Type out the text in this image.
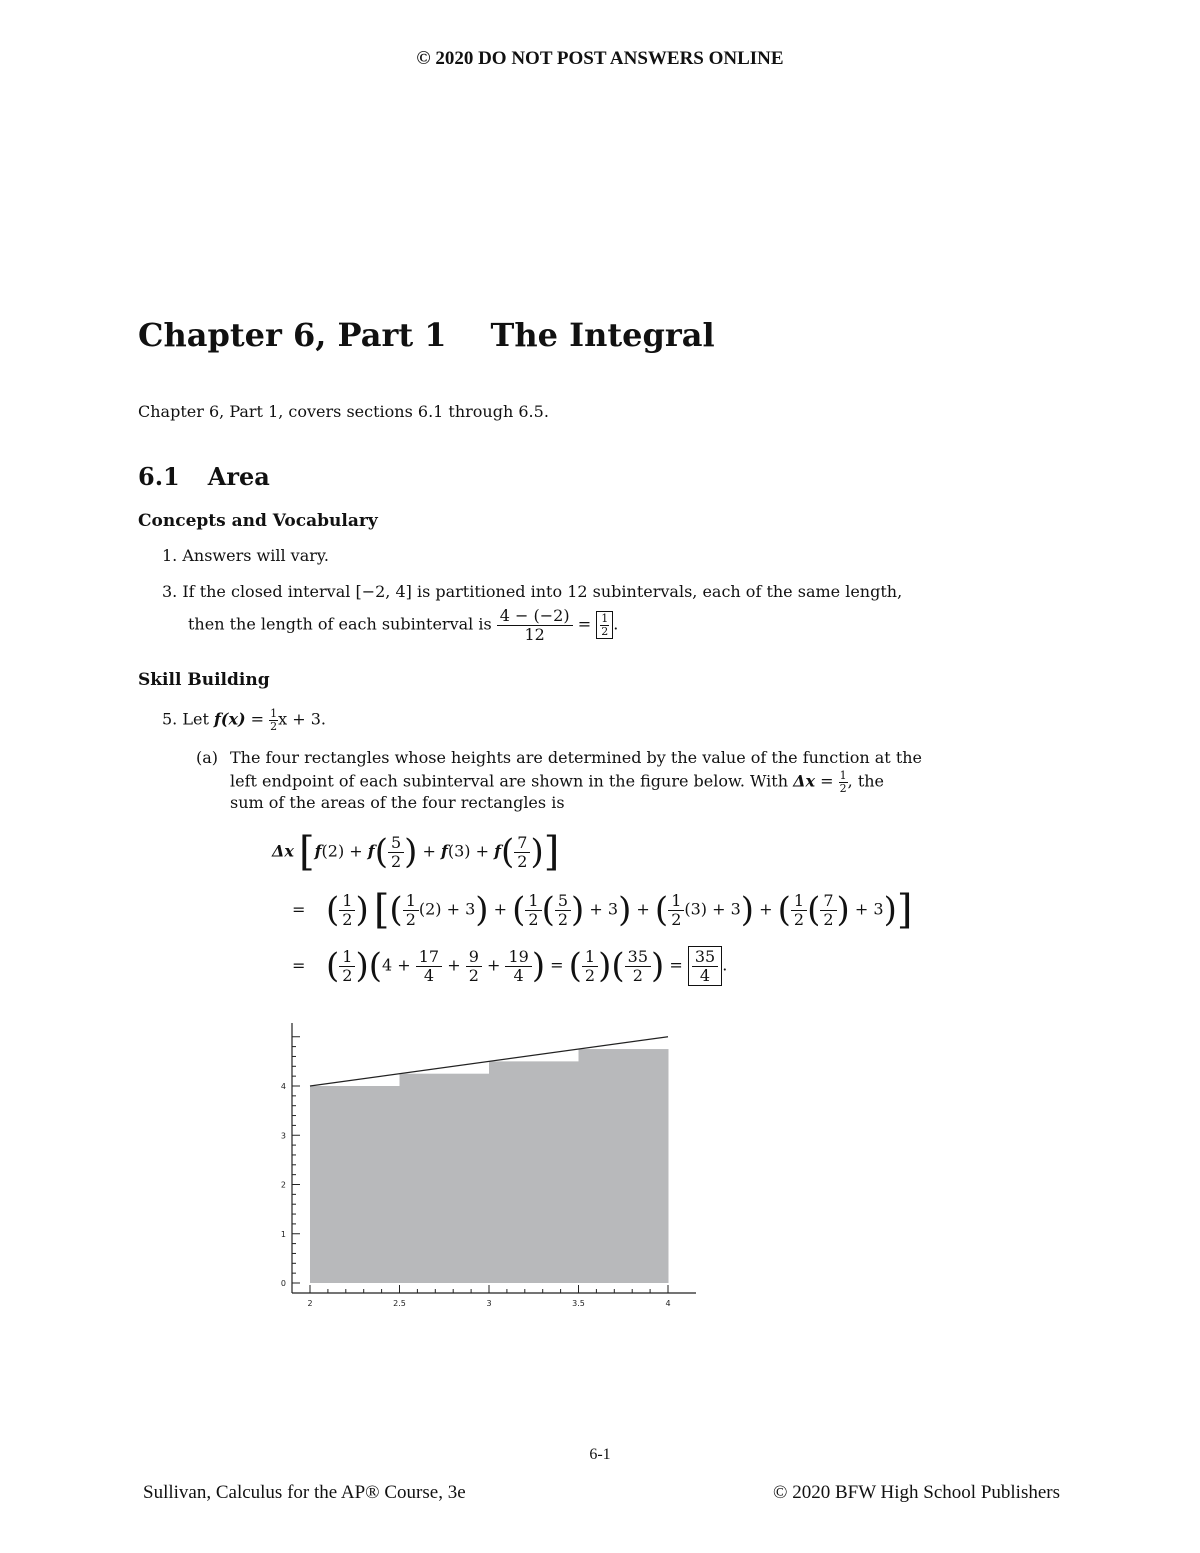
© 2020 DO NOT POST ANSWERS ONLINE
Chapter 6, Part 1 The Integral
Chapter 6, Part 1, covers sections 6.1 through 6.5.
6.1 Area
Concepts and Vocabulary
1. Answers will vary.
3. If the closed interval [−2, 4] is partitioned into 12 subintervals, each of the same length,
then the length of each subinterval is $\frac{4 - (-2)}{12} = \frac{1}{2}$ .
Skill Building
5. Let $f(x) = \frac{1}{2}$ x + 3.
(a) The four rectangles whose heights are determined by the value of the function at the
left endpoint of each subinterval are shown in the figure below. With $\Delta x = \frac{1}{2}$ , the
sum of the areas of the four rectangles is
Δx [$f(2) + f( \frac{5}{2}$ ) + $f(3) + f( \frac{7}{2}$ )]
= ( $\frac{1}{2}$ ) [( $\frac{1}{2} (2) + 3$) + ( $\frac{1}{2}$ ( $\frac{5}{2}$ ) + 3) + ( $\frac{1}{2} (3) + 3$) + ( $\frac{1}{2}$ ( $\frac{7}{2}$ ) + 3)]
= ( $\frac{1}{2} )(4 + \frac{17}{4} + \frac{9}{2} + \frac{19}{4}$ ) = ( $\frac{1}{2}$ )( $\frac{35}{2}$ ) = $\frac{35}{4}$ .
0
1
2
3
4
2	2.5	3	3.5	4
6-1
Sullivan, Calculus for the AP® Course, 3e	© 2020 BFW High School Publishers
